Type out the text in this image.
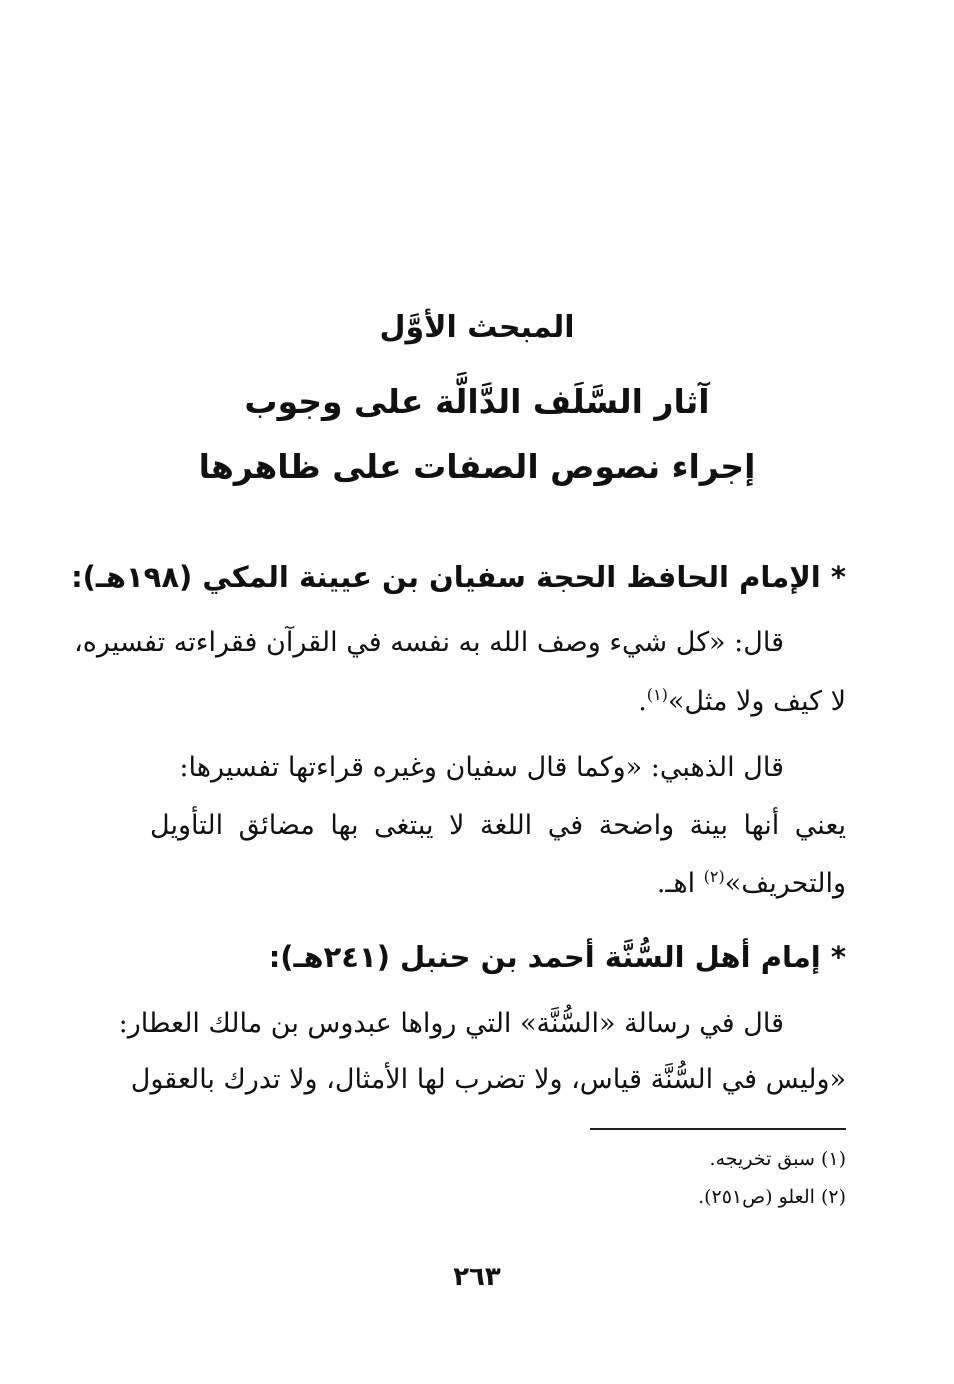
المبحث الأوَّل
آثار السَّلَف الدَّالَّة على وجوب
إجراء نصوص الصفات على ظاهرها
* الإمام الحافظ الحجة سفيان بن عيينة المكي (١٩٨هـ):
قال: «كل شيء وصف الله به نفسه في القرآن فقراءته تفسيره،
لا كيف ولا مثل»$^{(١)}$.
قال الذهبي: «وكما قال سفيان وغيره قراءتها تفسيرها:
يعني أنها بينة واضحة في اللغة لا يبتغى بها مضائق التأويل
والتحريف»$^{(٢)}$ اهـ.
* إمام أهل السُّنَّة أحمد بن حنبل (٢٤١هـ):
قال في رسالة «السُّنَّة» التي رواها عبدوس بن مالك العطار:
«وليس في السُّنَّة قياس، ولا تضرب لها الأمثال، ولا تدرك بالعقول
(١) سبق تخريجه.
(٢) العلو (ص٢٥١).
٢٦٣
